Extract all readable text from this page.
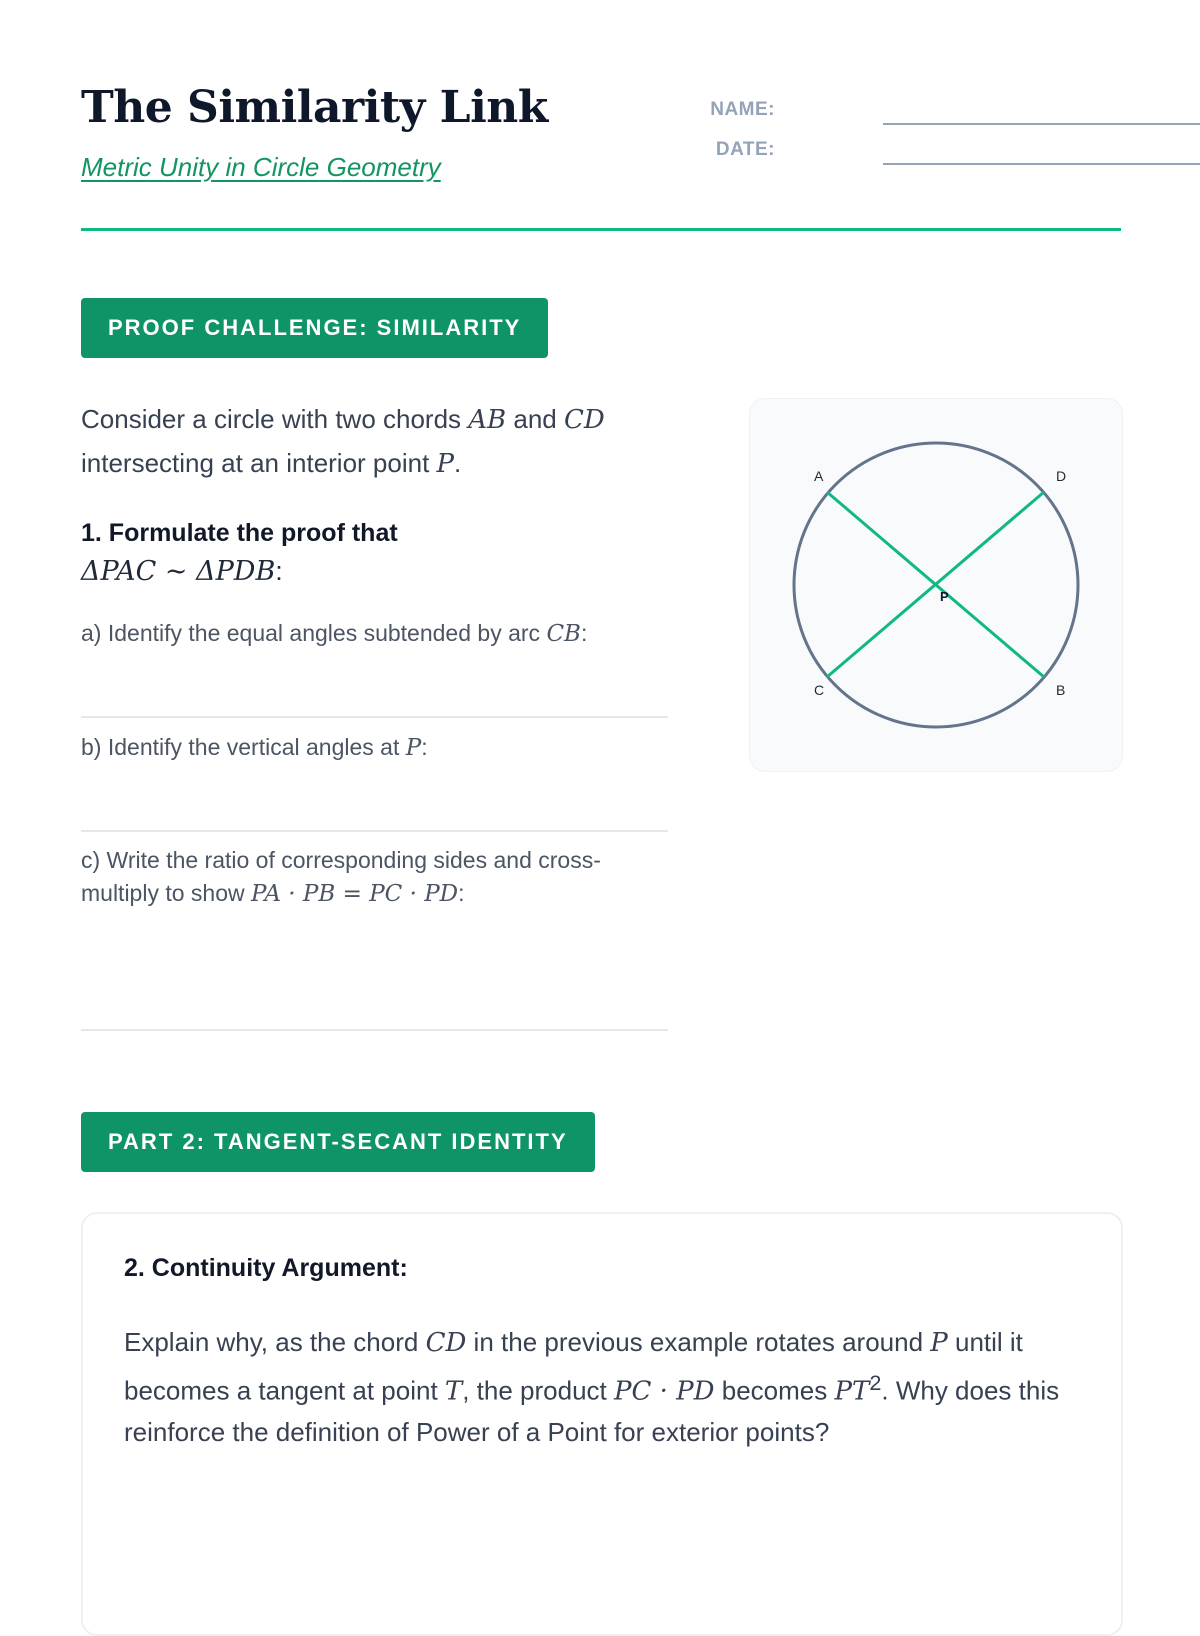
The Similarity Link
Metric Unity in Circle Geometry
NAME:
DATE:
PROOF CHALLENGE: SIMILARITY
Consider a circle with two chords AB and CD intersecting at an interior point P.
1. Formulate the proof that
ΔPAC ∼ ΔPDB:
a) Identify the equal angles subtended by arc CB:
b) Identify the vertical angles at P:
c) Write the ratio of corresponding sides and cross-multiply to show PA · PB = PC · PD:
A	D
C	B
P
PART 2: TANGENT-SECANT IDENTITY
2. Continuity Argument:
Explain why, as the chord CD in the previous example rotates around P until it becomes a tangent at point T, the product PC · PD becomes $PT^2$. Why does this reinforce the definition of Power of a Point for exterior points?
